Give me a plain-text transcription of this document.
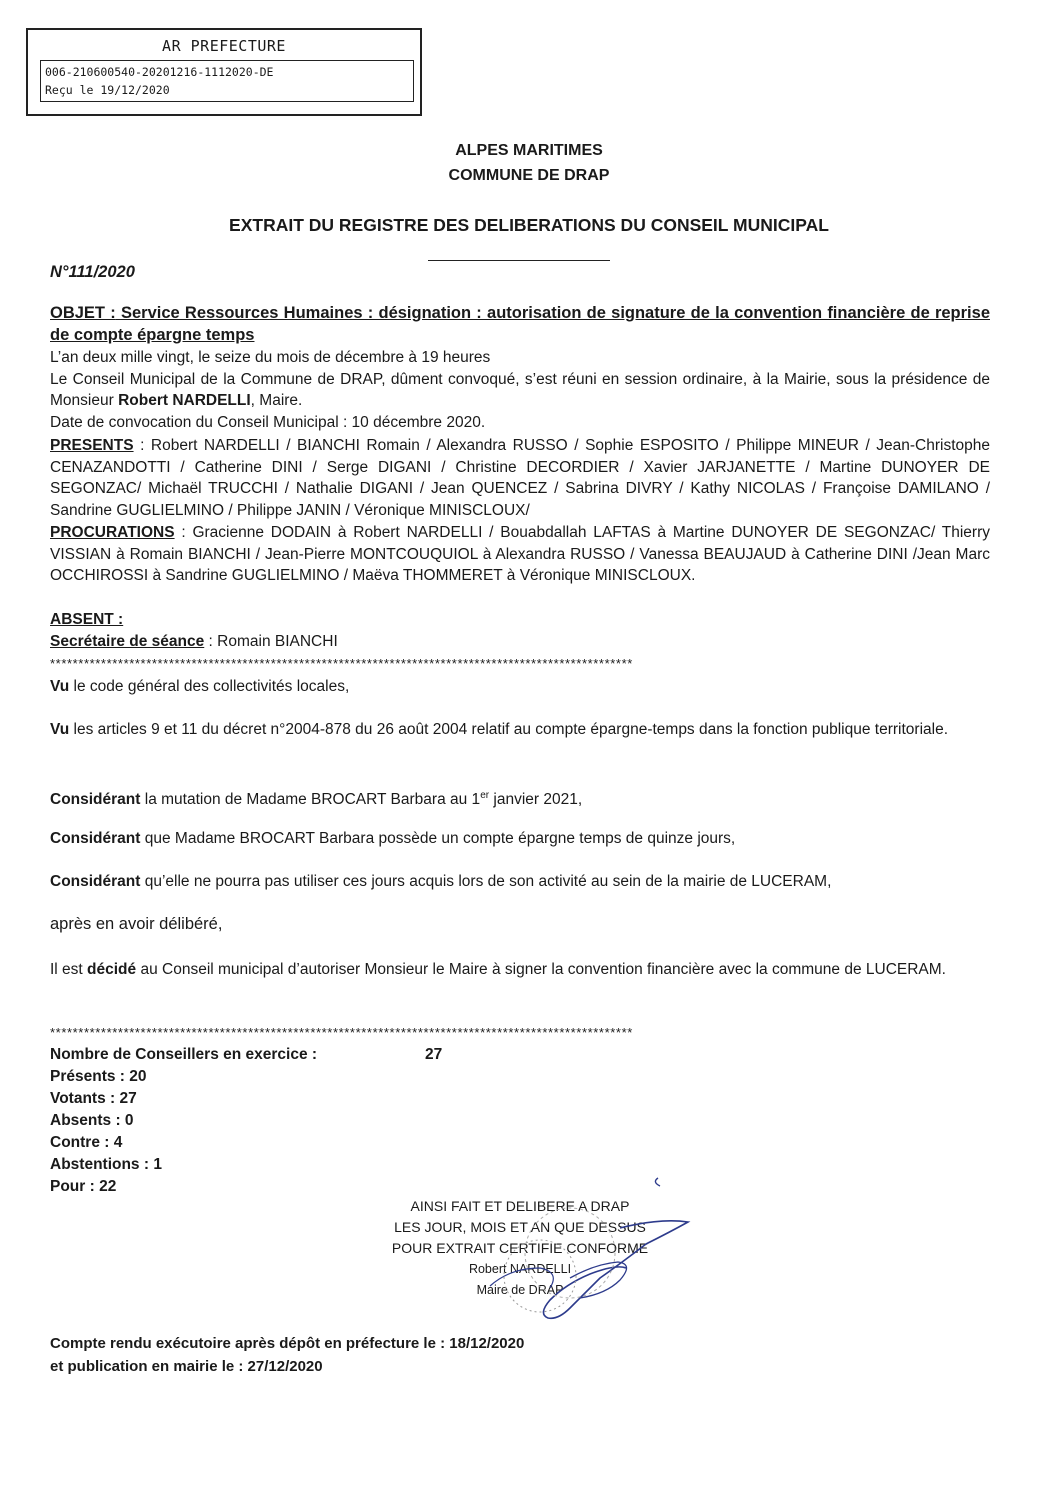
AR PREFECTURE
006-210600540-20201216-1112020-DE
Reçu le 19/12/2020
ALPES MARITIMES
COMMUNE DE DRAP
EXTRAIT DU REGISTRE DES DELIBERATIONS DU CONSEIL MUNICIPAL
N°111/2020
OBJET : Service Ressources Humaines : désignation : autorisation de signature de la convention financière de reprise de compte épargne temps
L’an deux mille vingt, le seize du mois de décembre à 19 heures
Le Conseil Municipal de la Commune de DRAP, dûment convoqué, s’est réuni en session ordinaire, à la Mairie, sous la présidence de Monsieur Robert NARDELLI, Maire.
Date de convocation du Conseil Municipal : 10 décembre 2020.
PRESENTS : Robert NARDELLI / BIANCHI Romain / Alexandra RUSSO / Sophie ESPOSITO / Philippe MINEUR / Jean-Christophe CENAZANDOTTI / Catherine DINI / Serge DIGANI / Christine DECORDIER / Xavier JARJANETTE / Martine DUNOYER DE SEGONZAC/ Michaël TRUCCHI / Nathalie DIGANI / Jean QUENCEZ / Sabrina DIVRY / Kathy NICOLAS / Françoise DAMILANO / Sandrine GUGLIELMINO / Philippe JANIN / Véronique MINISCLOUX/
PROCURATIONS : Gracienne DODAIN à Robert NARDELLI / Bouabdallah LAFTAS à Martine DUNOYER DE SEGONZAC/ Thierry VISSIAN à Romain BIANCHI / Jean-Pierre MONTCOUQUIOL à Alexandra RUSSO / Vanessa BEAUJAUD à Catherine DINI /Jean Marc OCCHIROSSI à Sandrine GUGLIELMINO / Maëva THOMMERET à Véronique MINISCLOUX.
ABSENT :
Secrétaire de séance : Romain BIANCHI
*******************************************************************************************************
Vu le code général des collectivités locales,
Vu les articles 9 et 11 du décret n°2004-878 du 26 août 2004 relatif au compte épargne-temps dans la fonction publique territoriale.
Considérant la mutation de Madame BROCART Barbara au 1er janvier 2021,
Considérant que Madame BROCART Barbara possède un compte épargne temps de quinze jours,
Considérant qu’elle ne pourra pas utiliser ces jours acquis lors de son activité au sein de la mairie de LUCERAM,
après en avoir délibéré,
Il est décidé au Conseil municipal d’autoriser Monsieur le Maire à signer la convention financière avec la commune de LUCERAM.
*******************************************************************************************************
Nombre de Conseillers en exercice :	27
Présents : 20
Votants : 27
Absents : 0
Contre : 4
Abstentions : 1
Pour : 22
AINSI FAIT ET DELIBERE A DRAP
LES JOUR, MOIS ET AN QUE DESSUS
POUR EXTRAIT CERTIFIE CONFORME
Robert NARDELLI
Maire de DRAP
Compte rendu exécutoire après dépôt en préfecture le : 18/12/2020
et publication en mairie le : 27/12/2020
